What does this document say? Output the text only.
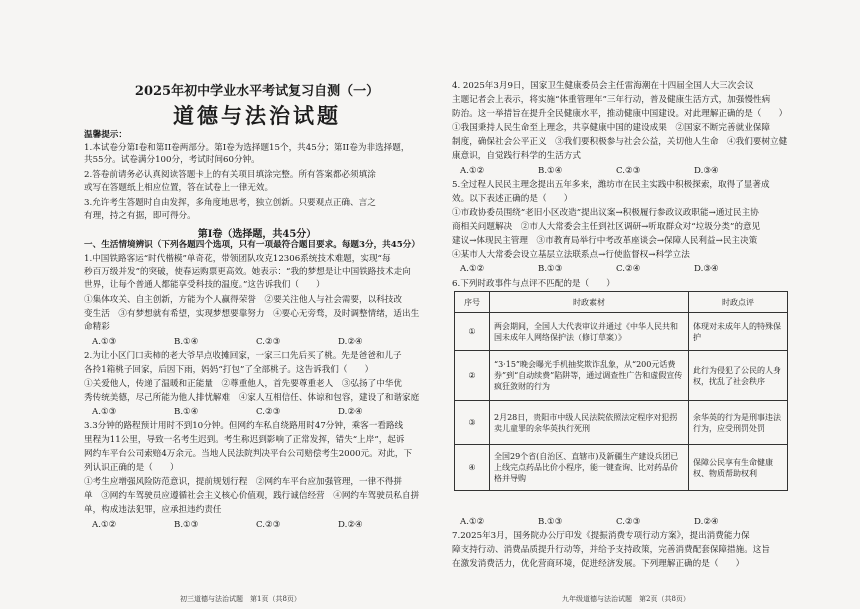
2025年初中学业水平考试复习自测（一）
道德与法治试题
温馨提示：
1.本试卷分第I卷和第II卷两部分。第I卷为选择题15个，共45分；第II卷为非选择题，
共55分。试卷满分100分，考试时间60分钟。
2.答卷前请务必认真阅读答题卡上的有关项目填涂完整。所有答案都必须填涂
或写在答题纸上相应位置，答在试卷上一律无效。
3.允许考生答题时自由发挥，多角度地思考，独立创新。只要观点正确、言之
有理，持之有据，即可得分。
第I卷（选择题，共45分）
一、生活情境辨识（下列各题四个选项，只有一项最符合题目要求。每题3分，共45分）
1.中国铁路客运“时代楷模”单奇花，带领团队攻克12306系统技术难题，实现“每
秒百万级并发”的突破，使春运购票更高效。她表示：“我的梦想是让中国铁路技术走向
世界，让每个普通人都能享受科技的温度。”这告诉我们（　　）
①集体攻关、自主创新，方能为个人赢得荣誉　②要关注他人与社会需要，以科技改
变生活　③有梦想就有希望，实现梦想要靠努力　④要心无旁骛，及时调整情绪，适出生
命精彩
A.①③	B.①④	C.②③	D.②④
2.为让小区门口卖柿的老大爷早点收摊回家，一家三口先后买了桃。先是爸爸和儿子
各拎1箱桃子回家，后因下雨，妈妈“打包”了全部桃子。这告诉我们（　　）
①关爱他人，传递了温暖和正能量　②尊重他人，首先要尊重老人　③弘扬了中华优
秀传统美德，尽己所能为他人排忧解难　④家人互相信任、体谅和包容，建设了和谐家庭
A.①③	B.①④	C.②③	D.②④
3.3分钟的路程预计用时不到10分钟。但网约车私自绕路用时47分钟，乘客一看路线
里程为11公里，导致一名考生迟到。考生称迟到影响了正常发挥，错失“上岸”，起诉
网约车平台公司索赔4万余元。当地人民法院判决平台公司赔偿考生2000元。对此，下
列认识正确的是（　　）
①考生应增强风险防范意识，提前规划行程　②网约车平台应加强管理，一律不得拼
单　③网约车驾驶员应遵循社会主义核心价值观，践行诚信经营　④网约车驾驶员私自拼
单，构成违法犯罪，应承担违约责任
A.①②	B.①③	C.②③	D.②④
初三道德与法治试题　第1页（共8页）
4. 2025年3月9日，国家卫生健康委员会主任雷海潮在十四届全国人大三次会议
主题记者会上表示，将实施“体重管理年”三年行动，普及健康生活方式，加强慢性病
防治。这一举措旨在提升全民健康水平，推动健康中国建设。对此理解正确的是（　　）
①我国秉持人民生命至上理念，共享健康中国的建设成果　②国家不断完善就业保障
制度，确保社会公平正义　③我们要积极参与社会公益，关切他人生命　④我们要树立健
康意识，自觉践行科学的生活方式
A.①②	B.①④	C.②③	D.③④
5.全过程人民民主理念提出五年多来，潍坊市在民主实践中积极探索，取得了显著成
效。以下表述正确的是（　　）
①市政协委员围绕“老旧小区改造”提出议案→积极履行参政议政职能→通过民主协
商相关问题解决　②市人大常委会主任到社区调研→听取群众对“垃圾分类”的意见
建议→体现民主管理　③市教育局举行中考改革座谈会→保障人民利益→民主决策
④某市人大常委会设立基层立法联系点→行使监督权→科学立法
A.①②	B.①③	C.②④	D.③④
6.下列时政事件与点评不匹配的是（　　）
序号	时政素材	时政点评
①	两会期间，全国人大代表审议并通过《中华人民共和国未成年人网络保护法（修订草案）》	体现对未成年人的特殊保护
②	“3·15”晚会曝光手机抽奖欺诈乱象，从“200元话费券”到“自动续费”陷阱等，通过调查性广告和虚假宣传疯狂敛财的行为	此行为侵犯了公民的人身权，扰乱了社会秩序
③	2月28日，贵阳市中级人民法院依照法定程序对犯拐卖儿童罪的余华英执行死刑	余华英的行为是刑事违法行为，应受刑罚处罚
④	全国29个省(自治区、直辖市)及新疆生产建设兵团已上线完点药品比价小程序，能一键查询、比对药品价格并导购	保障公民享有生命健康权、物质帮助权利
A.①②	B.①③	C.②③	D.②④
7.2025年3月，国务院办公厅印发《提振消费专项行动方案》，提出消费能力保
障支持行动、消费品质提升行动等，并给予支持政策，完善消费配套保障措施。这旨
在激发消费活力，优化营商环境，促进经济发展。下列理解正确的是（　　）
九年级道德与法治试题　第2页（共8页）
